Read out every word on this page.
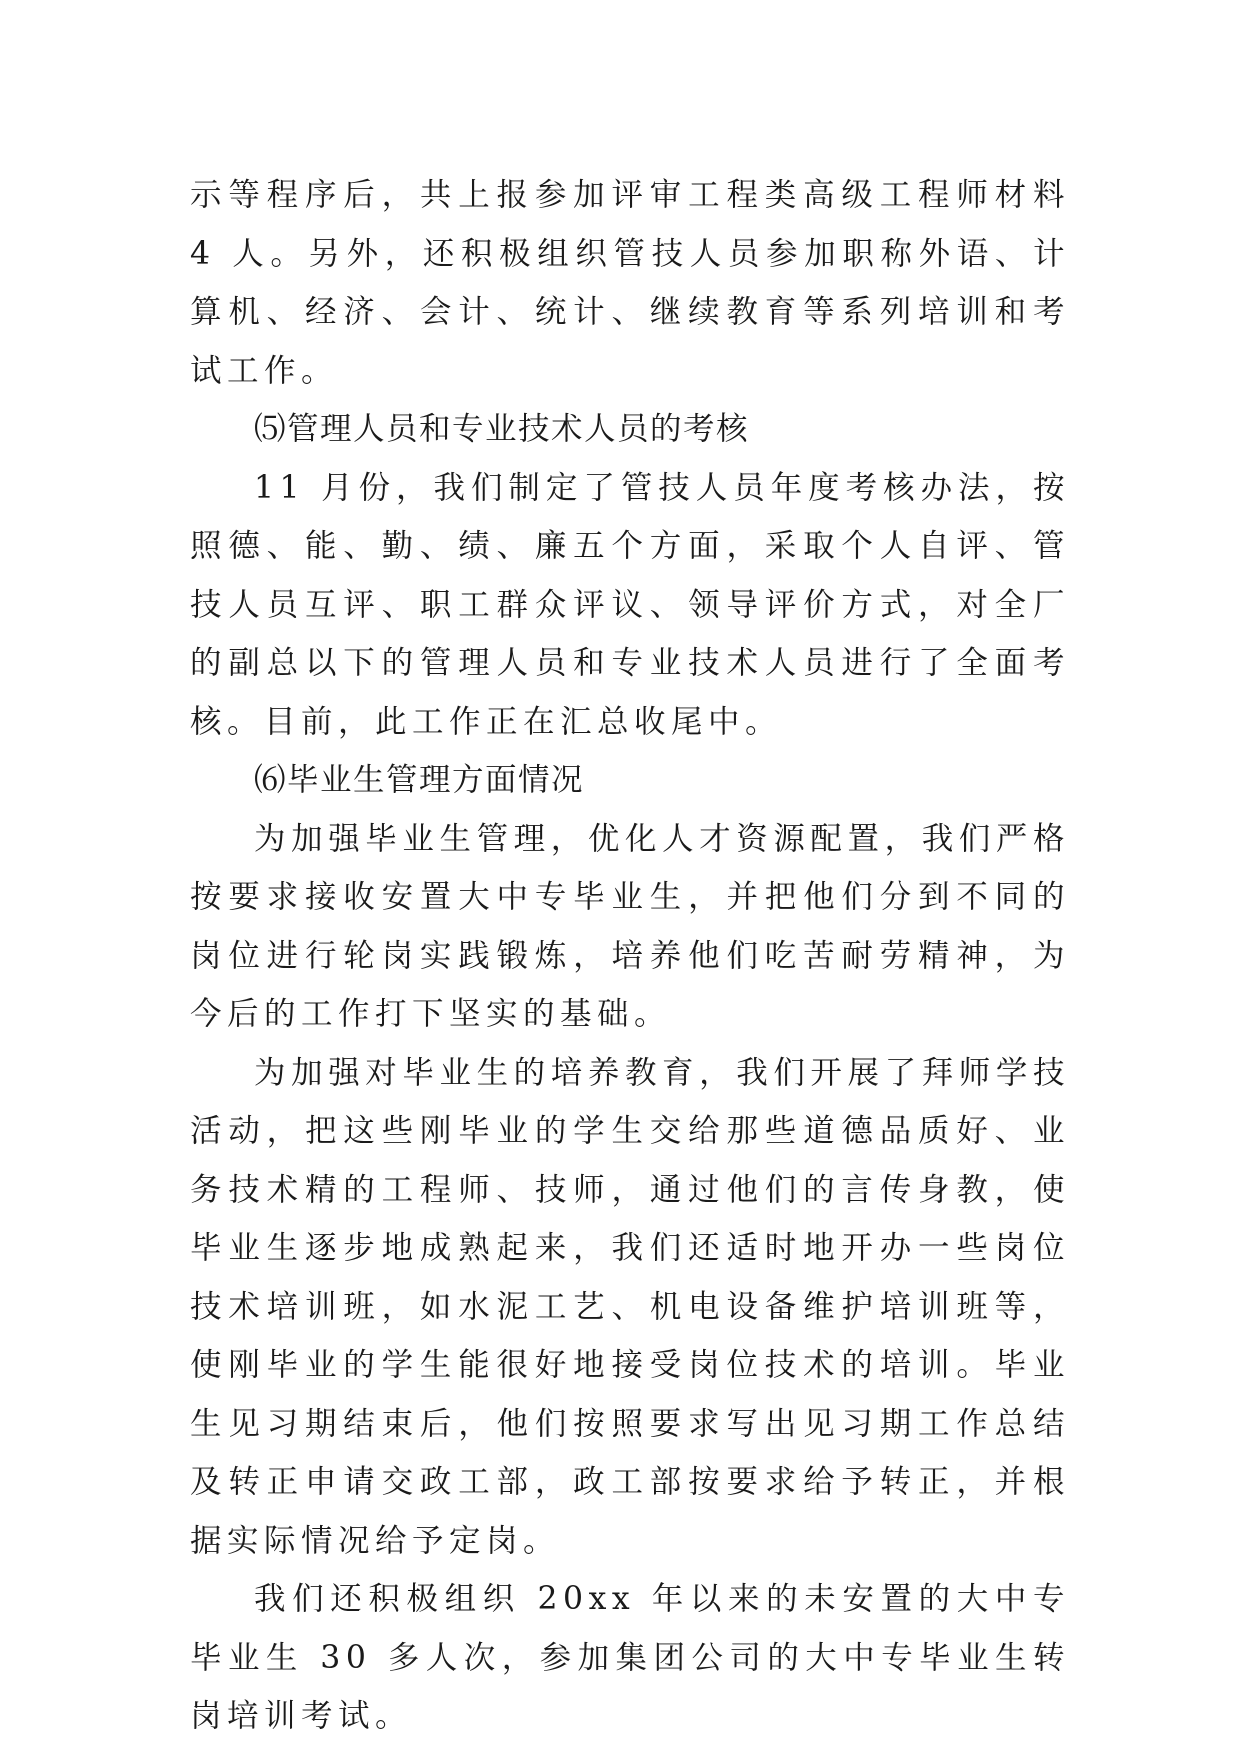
示等程序后，共上报参加评审工程类高级工程师材料 4 人。另外，还积极组织管技人员参加职称外语、计算机、经济、会计、统计、继续教育等系列培训和考试工作。

⑸管理人员和专业技术人员的考核

11 月份，我们制定了管技人员年度考核办法，按照德、能、勤、绩、廉五个方面，采取个人自评、管技人员互评、职工群众评议、领导评价方式，对全厂的副总以下的管理人员和专业技术人员进行了全面考核。目前，此工作正在汇总收尾中。

⑹毕业生管理方面情况

为加强毕业生管理，优化人才资源配置，我们严格按要求接收安置大中专毕业生，并把他们分到不同的岗位进行轮岗实践锻炼，培养他们吃苦耐劳精神，为今后的工作打下坚实的基础。

为加强对毕业生的培养教育，我们开展了拜师学技活动，把这些刚毕业的学生交给那些道德品质好、业务技术精的工程师、技师，通过他们的言传身教，使毕业生逐步地成熟起来，我们还适时地开办一些岗位技术培训班，如水泥工艺、机电设备维护培训班等，使刚毕业的学生能很好地接受岗位技术的培训。毕业生见习期结束后，他们按照要求写出见习期工作总结及转正申请交政工部，政工部按要求给予转正，并根据实际情况给予定岗。

我们还积极组织 20xx 年以来的未安置的大中专毕业生 30 多人次，参加集团公司的大中专毕业生转岗培训考试。
